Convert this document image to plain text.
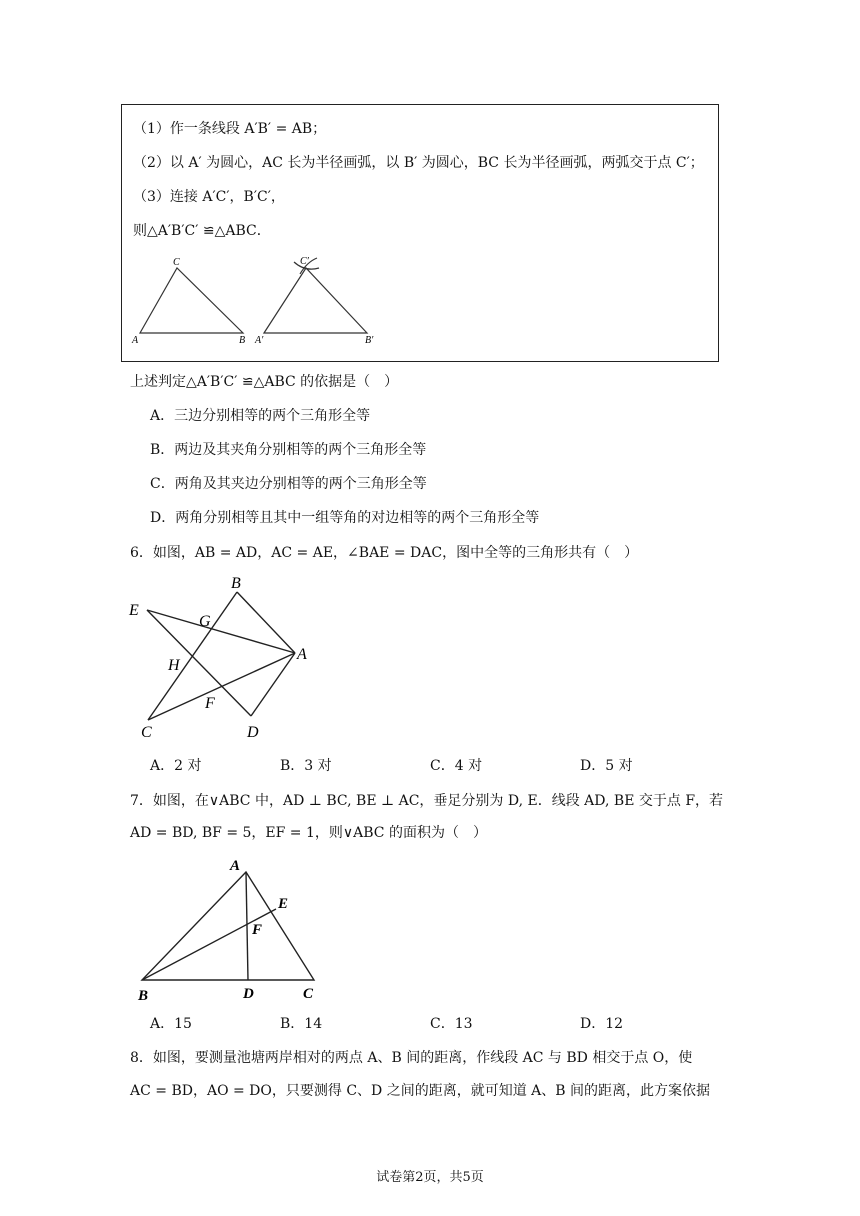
（1）作一条线段 A′B′ = AB；
（2）以 A′ 为圆心，AC 长为半径画弧，以 B′ 为圆心，BC 长为半径画弧，两弧交于点 C′；
（3）连接 A′C′，B′C′，
则△A′B′C′ ≌△ABC．
A
C
B A′
C′
B′
上述判定△A′B′C′ ≌△ABC 的依据是（　）
A．三边分别相等的两个三角形全等
B．两边及其夹角分别相等的两个三角形全等
C．两角及其夹边分别相等的两个三角形全等
D．两角分别相等且其中一组等角的对边相等的两个三角形全等
6．如图，AB = AD，AC = AE，∠BAE = DAC，图中全等的三角形共有（　）
B
E
G
A
H
F
C	D
A．2 对	B．3 对	C．4 对	D．5 对
7．如图，在∨ABC 中，AD ⊥ BC, BE ⊥ AC，垂足分别为 D, E．线段 AD, BE 交于点 F，若
AD = BD, BF = 5，EF = 1，则∨ABC 的面积为（　）
A
E
F
B	D	C
A．15	B．14	C．13	D．12
8．如图，要测量池塘两岸相对的两点 A、B 间的距离，作线段 AC 与 BD 相交于点 O，使
AC = BD，AO = DO，只要测得 C、D 之间的距离，就可知道 A、B 间的距离，此方案依据
试卷第2页，共5页
